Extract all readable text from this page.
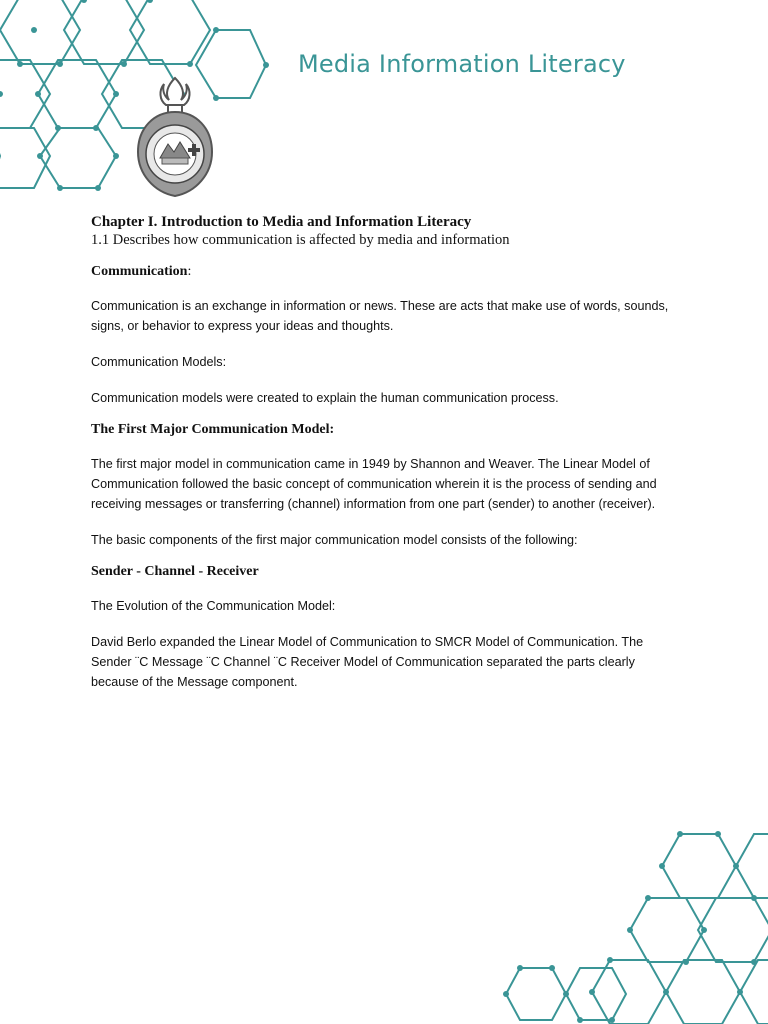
Media Information Literacy
Chapter I. Introduction to Media and Information Literacy
1.1 Describes how communication is affected by media and information
Communication:
Communication is an exchange in information or news. These are acts that make use of words, sounds, signs, or behavior to express your ideas and thoughts.
Communication Models:
Communication models were created to explain the human communication process.
The First Major Communication Model:
The first major model in communication came in 1949 by Shannon and Weaver. The Linear Model of Communication followed the basic concept of communication wherein it is the process of sending and receiving messages or transferring (channel) information from one part (sender) to another (receiver).
The basic components of the first major communication model consists of the following:
Sender - Channel - Receiver
The Evolution of the Communication Model:
David Berlo expanded the Linear Model of Communication to SMCR Model of Communication. The Sender ¨C Message ¨C Channel ¨C Receiver Model of Communication separated the parts clearly because of the Message component.
